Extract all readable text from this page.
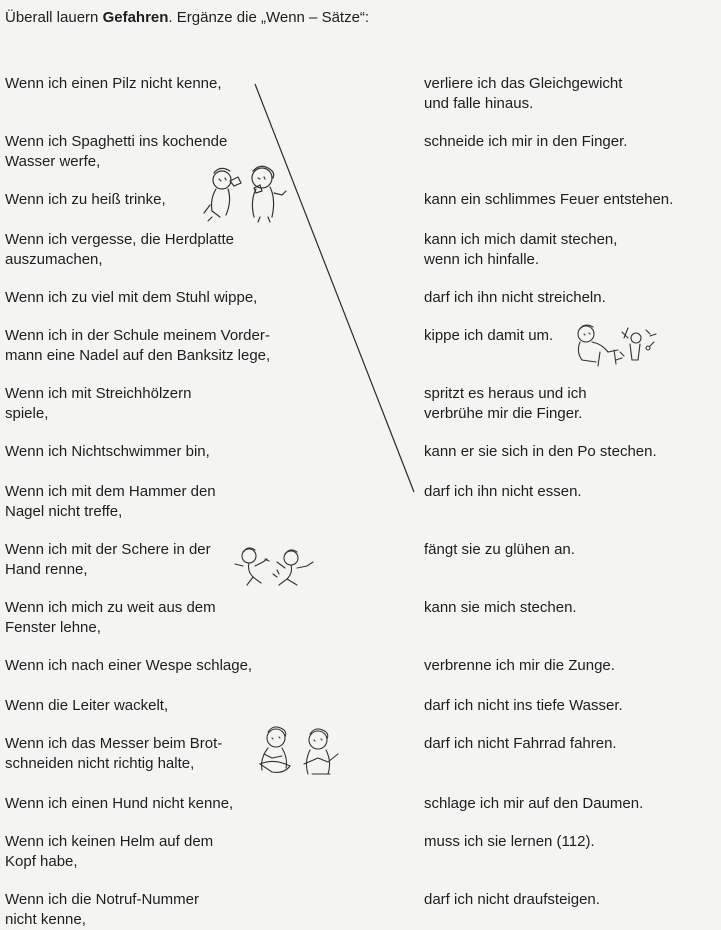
Überall lauern Gefahren. Ergänze die „Wenn – Sätze“:
Wenn ich einen Pilz nicht kenne,
Wenn ich Spaghetti ins kochende
Wasser werfe,
Wenn ich zu heiß trinke,
Wenn ich vergesse, die Herdplatte
auszumachen,
Wenn ich zu viel mit dem Stuhl wippe,
Wenn ich in der Schule meinem Vorder-
mann eine Nadel auf den Banksitz lege,
Wenn ich mit Streichhölzern
spiele,
Wenn ich Nichtschwimmer bin,
Wenn ich mit dem Hammer den
Nagel nicht treffe,
Wenn ich mit der Schere in der
Hand renne,
Wenn ich mich zu weit aus dem
Fenster lehne,
Wenn ich nach einer Wespe schlage,
Wenn die Leiter wackelt,
Wenn ich das Messer beim Brot-
schneiden nicht richtig halte,
Wenn ich einen Hund nicht kenne,
Wenn ich keinen Helm auf dem
Kopf habe,
Wenn ich die Notruf-Nummer
nicht kenne,
verliere ich das Gleichgewicht
und falle hinaus.
schneide ich mir in den Finger.
kann ein schlimmes Feuer entstehen.
kann ich mich damit stechen,
wenn ich hinfalle.
darf ich ihn nicht streicheln.
kippe ich damit um.
spritzt es heraus und ich
verbrühe mir die Finger.
kann er sie sich in den Po stechen.
darf ich ihn nicht essen.
fängt sie zu glühen an.
kann sie mich stechen.
verbrenne ich mir die Zunge.
darf ich nicht ins tiefe Wasser.
darf ich nicht Fahrrad fahren.
schlage ich mir auf den Daumen.
muss ich sie lernen (112).
darf ich nicht draufsteigen.
